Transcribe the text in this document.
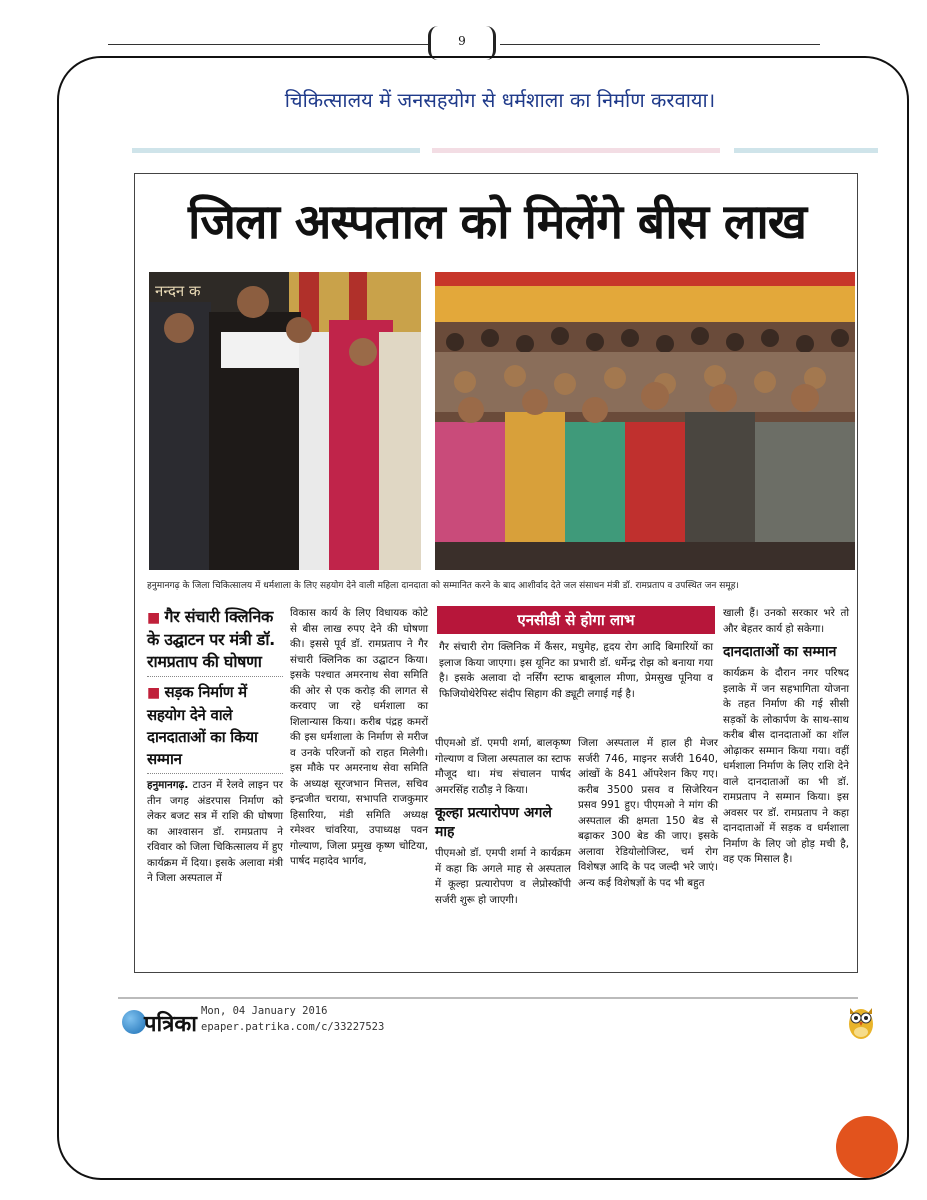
9
चिकित्सालय में जनसहयोग से धर्मशाला का निर्माण करवाया।
जिला अस्पताल को मिलेंगे बीस लाख
नन्दन क
हनुमानगढ़ के जिला चिकित्सालय में धर्मशाला के लिए सहयोग देने वाली महिला दानदाता को सम्मानित करने के बाद आशीर्वाद देते जल संसाधन मंत्री डॉ. रामप्रताप व उपस्थित जन समूह।
■ गैर संचारी क्लिनिक के उद्घाटन पर मंत्री डॉ. रामप्रताप की घोषणा
■ सड़क निर्माण में सहयोग देने वाले दानदाताओं का किया सम्मान

हनुमानगढ़. टाउन में रेलवे लाइन पर तीन जगह अंडरपास निर्माण को लेकर बजट सत्र में राशि की घोषणा का आश्वासन डॉ. रामप्रताप ने रविवार को जिला चिकित्सालय में हुए कार्यक्रम में दिया। इसके अलावा मंत्री ने जिला अस्पताल में

विकास कार्य के लिए विधायक कोटे से बीस लाख रुपए देने की घोषणा की। इससे पूर्व डॉ. रामप्रताप ने गैर संचारी क्लिनिक का उद्घाटन किया। इसके पश्चात अमरनाथ सेवा समिति की ओर से एक करोड़ की लागत से करवाए जा रहे धर्मशाला का शिलान्यास किया। करीब पंद्रह कमरों की इस धर्मशाला के निर्माण से मरीज व उनके परिजनों को राहत मिलेगी। इस मौके पर अमरनाथ सेवा समिति के अध्यक्ष सूरजभान मित्तल, सचिव इन्द्रजीत चराया, सभापति राजकुमार हिसारिया, मंडी समिति अध्यक्ष रमेश्वर चांवरिया, उपाध्यक्ष पवन गोल्याण, जिला प्रमुख कृष्ण चोटिया, पार्षद महादेव भार्गव,

एनसीडी से होगा लाभ

गैर संचारी रोग क्लिनिक में कैंसर, मधुमेह, हृदय रोग आदि बिमारियों का इलाज किया जाएगा। इस यूनिट का प्रभारी डॉ. धर्मेन्द्र रोझ को बनाया गया है। इसके अलावा दो नर्सिंग स्टाफ बाबूलाल मीणा, प्रेमसुख पूनिया व फिजियोथेरेपिस्ट संदीप सिहाग की ड्यूटी लगाई गई है।

पीएमओ डॉ. एमपी शर्मा, बालकृष्ण गोल्याण व जिला अस्पताल का स्टाफ मौजूद था। मंच संचालन पार्षद अमरसिंह राठौड़ ने किया।

कूल्हा प्रत्यारोपण अगले माह

पीएमओ डॉ. एमपी शर्मा ने कार्यक्रम में कहा कि अगले माह से अस्पताल में कूल्हा प्रत्यारोपण व लेप्रोस्कॉपी सर्जरी शुरू हो जाएगी।

जिला अस्पताल में हाल ही मेजर सर्जरी 746, माइनर सर्जरी 1640, आंखों के 841 ऑपरेशन किए गए। करीब 3500 प्रसव व सिजेरियन प्रसव 991 हुए। पीएमओ ने मांग की अस्पताल की क्षमता 150 बेड से बढ़ाकर 300 बेड की जाए। इसके अलावा रेडियोलोजिस्ट, चर्म रोग विशेषज्ञ आदि के पद जल्दी भरे जाएं। अन्य कई विशेषज्ञों के पद भी बहुत

खाली हैं। उनको सरकार भरे तो और बेहतर कार्य हो सकेगा।

दानदाताओं का सम्मान

कार्यक्रम के दौरान नगर परिषद इलाके में जन सहभागिता योजना के तहत निर्माण की गई सीसी सड़कों के लोकार्पण के साथ-साथ करीब बीस दानदाताओं का शॉल ओढ़ाकर सम्मान किया गया। वहीं धर्मशाला निर्माण के लिए राशि देने वाले दानदाताओं का भी डॉ. रामप्रताप ने सम्मान किया। इस अवसर पर डॉ. रामप्रताप ने कहा दानदाताओं में सड़क व धर्मशाला निर्माण के लिए जो होड़ मची है, वह एक मिसाल है।

पत्रिका
Mon, 04 January 2016
epaper.patrika.com/c/33227523
